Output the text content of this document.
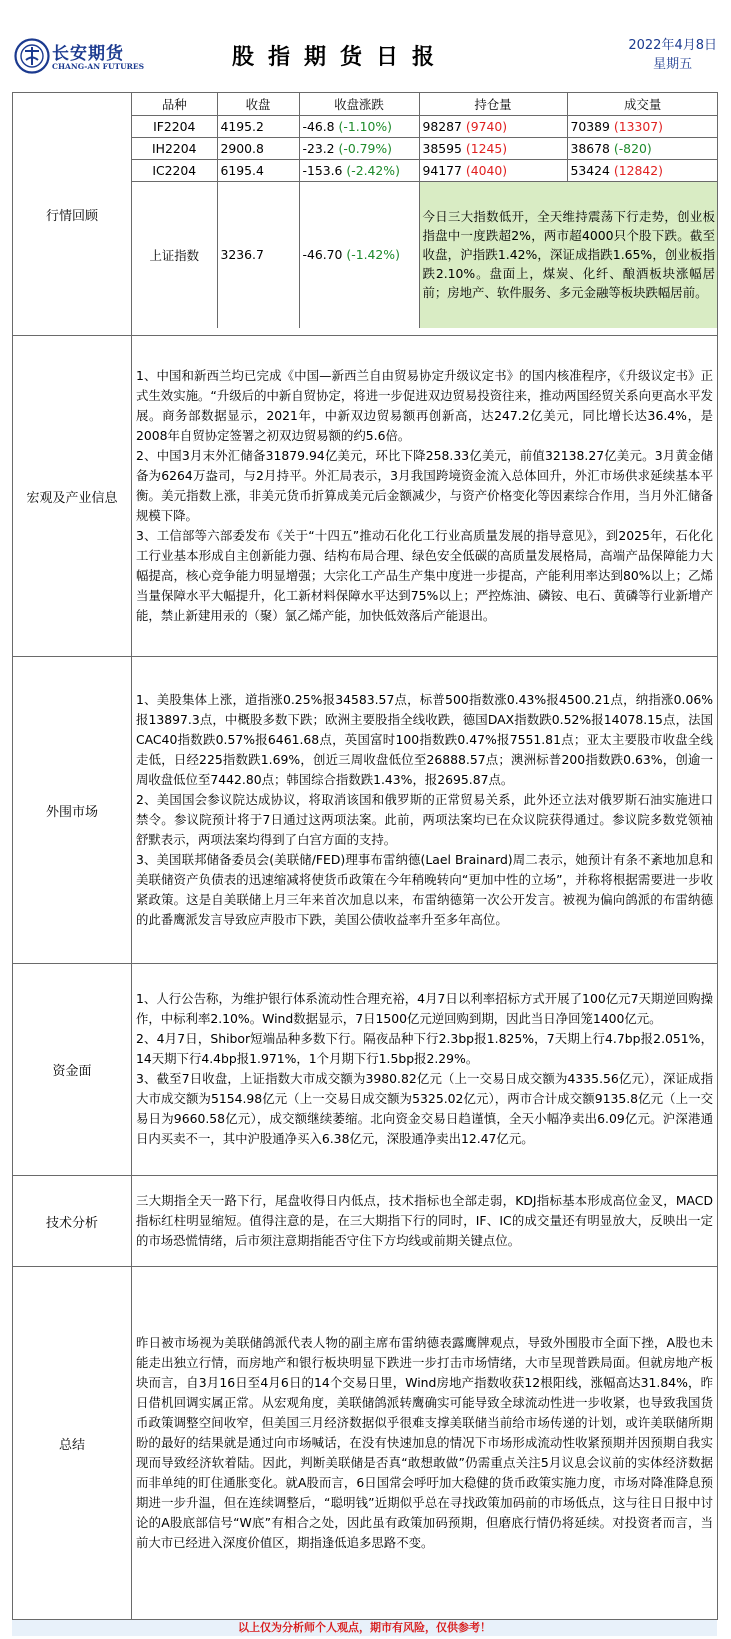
长安期货
CHANG-AN FUTURES	股指期货日报	2022年4月8日
星期五
行情回顾	
品种	收盘	收盘涨跌	持仓量	成交量
IF2204	4195.2	-46.8 (-1.10%)	98287 (9740)	70389 (13307)
IH2204	2900.8	-23.2 (-0.79%)	38595 (1245)	38678 (-820)
IC2204	6195.4	-153.6 (-2.42%)	94177 (4040)	53424 (12842)
上证指数	3236.7	-46.70 (-1.42%)	今日三大指数低开，全天维持震荡下行走势，创业板指盘中一度跌超2%，两市超4000只个股下跌。截至收盘，沪指跌1.42%，深证成指跌1.65%，创业板指跌2.10%。盘面上，煤炭、化纤、酿酒板块涨幅居前；房地产、软件服务、多元金融等板块跌幅居前。

宏观及产业信息	
1、中国和新西兰均已完成《中国—新西兰自由贸易协定升级议定书》的国内核准程序，《升级议定书》正式生效实施。“升级后的中新自贸协定，将进一步促进双边贸易投资往来，推动两国经贸关系向更高水平发展。商务部数据显示，2021年，中新双边贸易额再创新高，达247.2亿美元，同比增长达36.4%，是2008年自贸协定签署之初双边贸易额的约5.6倍。
2、中国3月末外汇储备31879.94亿美元，环比下降258.33亿美元，前值32138.27亿美元。3月黄金储备为6264万盎司，与2月持平。外汇局表示，3月我国跨境资金流入总体回升，外汇市场供求延续基本平衡。美元指数上涨，非美元货币折算成美元后金额减少，与资产价格变化等因素综合作用，当月外汇储备规模下降。
3、工信部等六部委发布《关于“十四五”推动石化化工行业高质量发展的指导意见》，到2025年，石化化工行业基本形成自主创新能力强、结构布局合理、绿色安全低碳的高质量发展格局，高端产品保障能力大幅提高，核心竞争能力明显增强；大宗化工产品生产集中度进一步提高，产能利用率达到80%以上；乙烯当量保障水平大幅提升，化工新材料保障水平达到75%以上；严控炼油、磷铵、电石、黄磷等行业新增产能，禁止新建用汞的（聚）氯乙烯产能，加快低效落后产能退出。

外围市场	
1、美股集体上涨，道指涨0.25%报34583.57点，标普500指数涨0.43%报4500.21点，纳指涨0.06%报13897.3点，中概股多数下跌；欧洲主要股指全线收跌，德国DAX指数跌0.52%报14078.15点，法国CAC40指数跌0.57%报6461.68点，英国富时100指数跌0.47%报7551.81点；亚太主要股市收盘全线走低，日经225指数跌1.69%，创近三周收盘低位至26888.57点；澳洲标普200指数跌0.63%，创逾一周收盘低位至7442.80点；韩国综合指数跌1.43%，报2695.87点。
2、美国国会参议院达成协议，将取消该国和俄罗斯的正常贸易关系，此外还立法对俄罗斯石油实施进口禁令。参议院预计将于7日通过这两项法案。此前，两项法案均已在众议院获得通过。参议院多数党领袖舒默表示，两项法案均得到了白宫方面的支持。
3、美国联邦储备委员会(美联储/FED)理事布雷纳德(Lael Brainard)周二表示，她预计有条不紊地加息和美联储资产负债表的迅速缩减将使货币政策在今年稍晚转向“更加中性的立场”，并称将根据需要进一步收紧政策。这是自美联储上月三年来首次加息以来，布雷纳德第一次公开发言。被视为偏向鸽派的布雷纳德的此番鹰派发言导致应声股市下跌，美国公债收益率升至多年高位。

资金面	
1、人行公告称，为维护银行体系流动性合理充裕，4月7日以利率招标方式开展了100亿元7天期逆回购操作，中标利率2.10%。Wind数据显示，7日1500亿元逆回购到期，因此当日净回笼1400亿元。
2、4月7日，Shibor短端品种多数下行。隔夜品种下行2.3bp报1.825%，7天期上行4.7bp报2.051%，14天期下行4.4bp报1.971%，1个月期下行1.5bp报2.29%。
3、截至7日收盘，上证指数大市成交额为3980.82亿元（上一交易日成交额为4335.56亿元），深证成指大市成交额为5154.98亿元（上一交易日成交额为5325.02亿元），两市合计成交额9135.8亿元（上一交易日为9660.58亿元），成交额继续萎缩。北向资金交易日趋谨慎，全天小幅净卖出6.09亿元。沪深港通日内买卖不一，其中沪股通净买入6.38亿元，深股通净卖出12.47亿元。

技术分析	三大期指全天一路下行，尾盘收得日内低点，技术指标也全部走弱，KDJ指标基本形成高位金叉，MACD指标红柱明显缩短。值得注意的是，在三大期指下行的同时，IF、IC的成交量还有明显放大，反映出一定的市场恐慌情绪，后市须注意期指能否守住下方均线或前期关键点位。
总结	昨日被市场视为美联储鸽派代表人物的副主席布雷纳德表露鹰牌观点，导致外围股市全面下挫，A股也未能走出独立行情，而房地产和银行板块明显下跌进一步打击市场情绪，大市呈现普跌局面。但就房地产板块而言，自3月16日至4月6日的14个交易日里，Wind房地产指数收获12根阳线，涨幅高达31.84%，昨日借机回调实属正常。从宏观角度，美联储鸽派转鹰确实可能导致全球流动性进一步收紧，也导致我国货币政策调整空间收窄，但美国三月经济数据似乎很难支撑美联储当前给市场传递的计划，或许美联储所期盼的最好的结果就是通过向市场喊话，在没有快速加息的情况下市场形成流动性收紧预期并因预期自我实现而导致经济软着陆。因此，判断美联储是否真“敢想敢做”仍需重点关注5月议息会议前的实体经济数据而非单纯的盯住通胀变化。就A股而言，6日国常会呼吁加大稳健的货币政策实施力度，市场对降准降息预期进一步升温，但在连续调整后，“聪明钱”近期似乎总在寻找政策加码前的市场低点，这与往日日报中讨论的A股底部信号“W底”有相合之处，因此虽有政策加码预期，但磨底行情仍将延续。对投资者而言，当前大市已经进入深度价值区，期指逢低追多思路不变。
以上仅为分析师个人观点，期市有风险，仅供参考！
